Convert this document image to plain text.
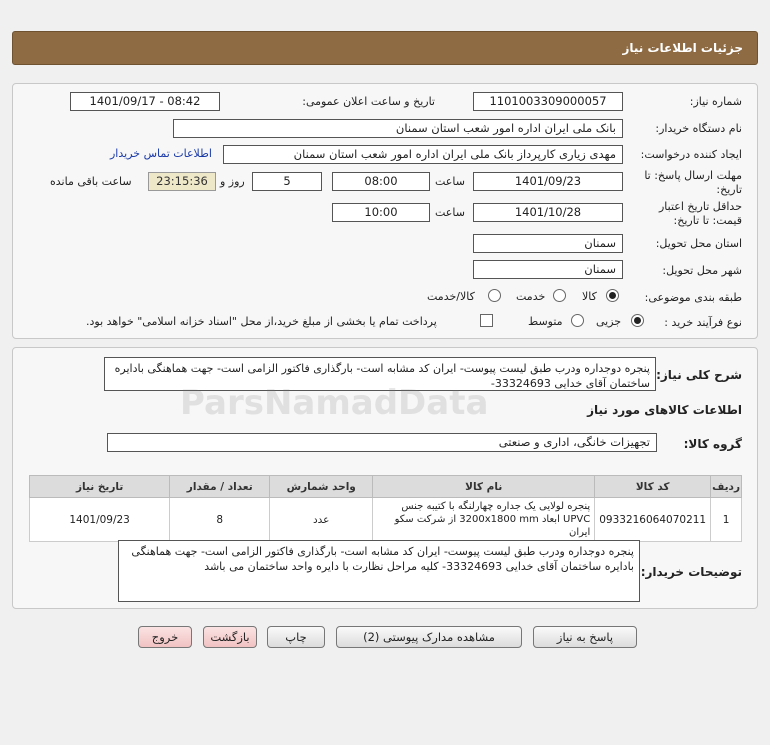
جزئیات اطلاعات نیاز
شماره نیاز:
1101003309000057
تاریخ و ساعت اعلان عمومی:
1401/09/17 - 08:42
نام دستگاه خریدار:
بانک ملی ایران اداره امور شعب استان سمنان
ایجاد کننده درخواست:
مهدی زیاری کارپرداز بانک ملی ایران اداره امور شعب استان سمنان
اطلاعات تماس خریدار
مهلت ارسال پاسخ: تا تاریخ:
1401/09/23
ساعت
08:00
5
روز و
23:15:36
ساعت باقی مانده
حداقل تاریخ اعتبار قیمت: تا تاریخ:
1401/10/28
ساعت
10:00
استان محل تحویل:
سمنان
شهر محل تحویل:
سمنان
طبقه بندی موضوعی:
کالا
خدمت
کالا/خدمت
نوع فرآیند خرید :
جزیی
متوسط
پرداخت تمام یا بخشی از مبلغ خرید،از محل "اسناد خزانه اسلامی" خواهد بود.
شرح کلی نیاز:
پنجره دوجداره ودرب طبق لیست پیوست- ایران کد مشابه است- بارگذاری فاکتور الزامی است- جهت هماهنگی بادایره ساختمان آقای خدایی 33324693-
اطلاعات کالاهای مورد نیاز
گروه کالا:
تجهیزات خانگی، اداری و صنعتی
ردیف	کد کالا	نام کالا	واحد شمارش	تعداد / مقدار	تاریخ نیاز
1	0933216064070211	پنجره لولایی یک جداره چهارلنگه با کتیبه جنس UPVC ابعاد 3200x1800 mm از شرکت سکو ایران	عدد	8	1401/09/23
توضیحات خریدار:
پنجره دوجداره ودرب طبق لیست پیوست- ایران کد مشابه است- بارگذاری فاکتور الزامی است- جهت هماهنگی بادایره ساختمان آقای خدایی 33324693- کلیه مراحل نظارت با دایره واحد ساختمان می باشد
پاسخ به نیاز
مشاهده مدارک پیوستی (2)
چاپ
بازگشت
خروج
